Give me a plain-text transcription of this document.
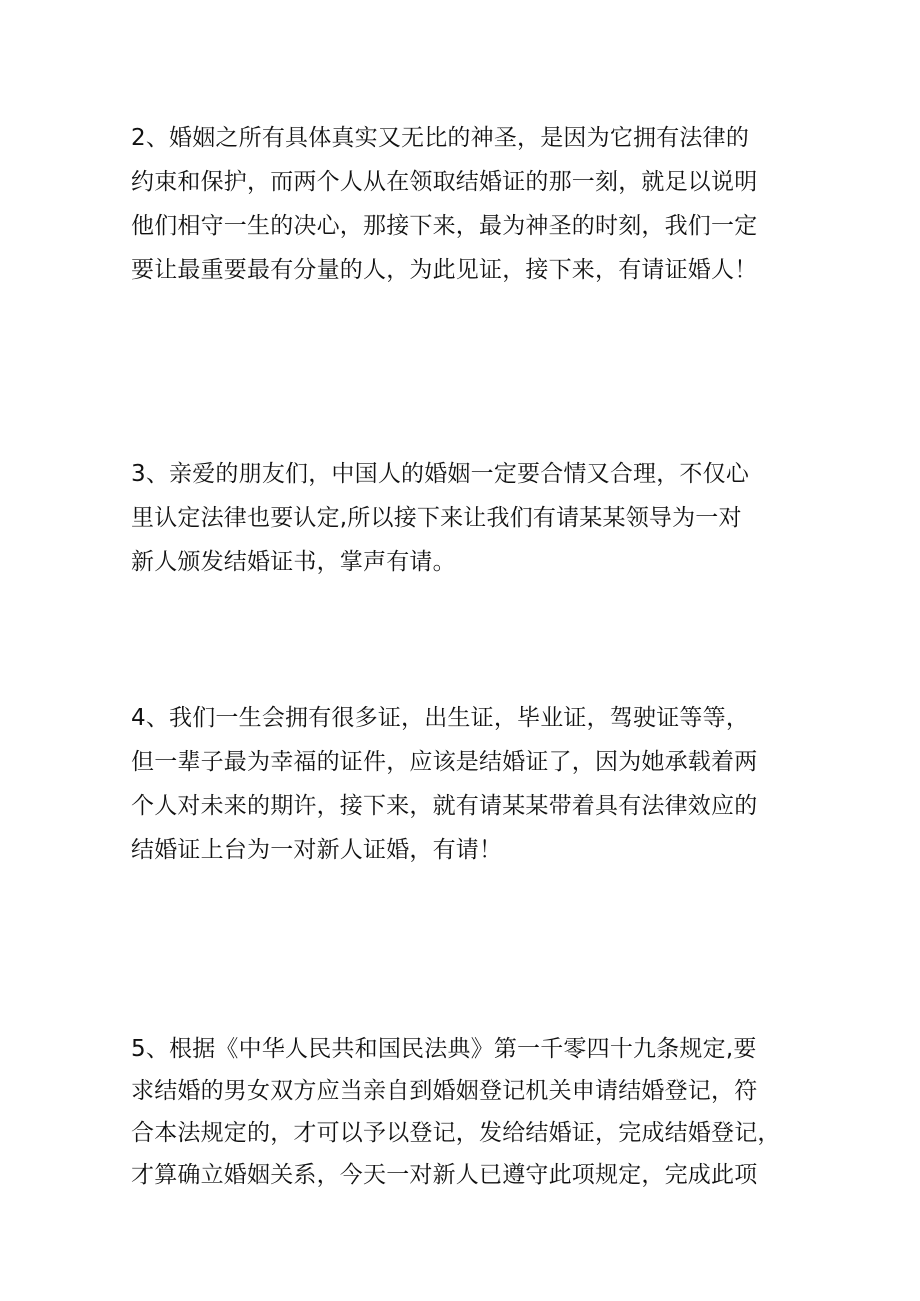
2、婚姻之所有具体真实又无比的神圣，是因为它拥有法律的
约束和保护，而两个人从在领取结婚证的那一刻，就足以说明
他们相守一生的决心，那接下来，最为神圣的时刻，我们一定
要让最重要最有分量的人，为此见证，接下来，有请证婚人！
3、亲爱的朋友们，中国人的婚姻一定要合情又合理，不仅心
里认定法律也要认定,所以接下来让我们有请某某领导为一对
新人颁发结婚证书，掌声有请。
4、我们一生会拥有很多证，出生证，毕业证，驾驶证等等，
但一辈子最为幸福的证件，应该是结婚证了，因为她承载着两
个人对未来的期许，接下来，就有请某某带着具有法律效应的
结婚证上台为一对新人证婚，有请！
5、根据《中华人民共和国民法典》第一千零四十九条规定,要
求结婚的男女双方应当亲自到婚姻登记机关申请结婚登记，符
合本法规定的，才可以予以登记，发给结婚证，完成结婚登记，
才算确立婚姻关系，今天一对新人已遵守此项规定，完成此项
